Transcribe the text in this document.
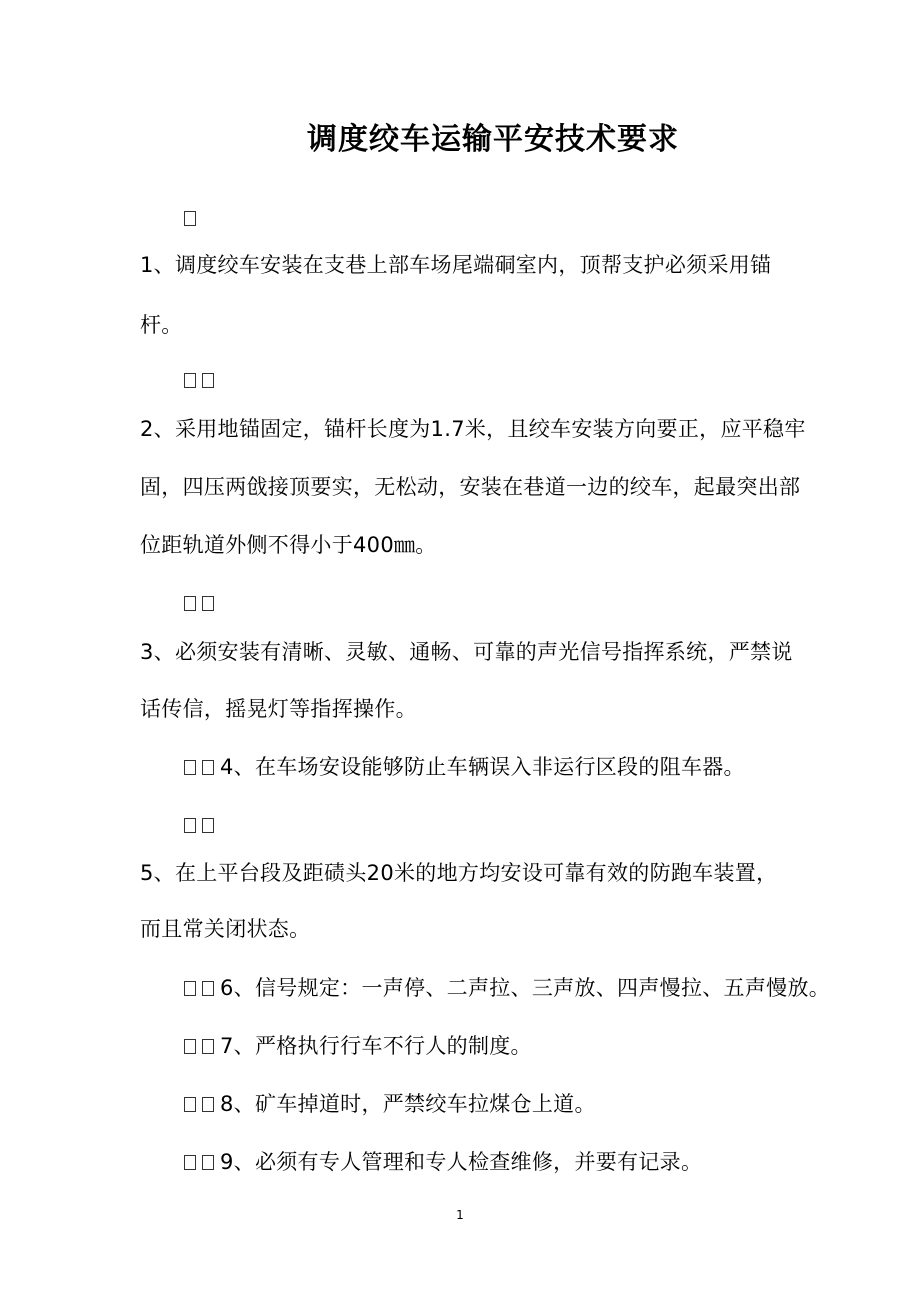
调度绞车运输平安技术要求
1、调度绞车安装在支巷上部车场尾端硐室内，顶帮支护必须采用锚
杆。
2、采用地锚固定，锚杆长度为1.7米，且绞车安装方向要正，应平稳牢
固，四压两戗接顶要实，无松动，安装在巷道一边的绞车，起最突出部
位距轨道外侧不得小于400㎜。
3、必须安装有清晰、灵敏、通畅、可靠的声光信号指挥系统，严禁说
话传信，摇晃灯等指挥操作。
4、在车场安设能够防止车辆误入非运行区段的阻车器。
5、在上平台段及距碛头20米的地方均安设可靠有效的防跑车装置，
而且常关闭状态。
6、信号规定：一声停、二声拉、三声放、四声慢拉、五声慢放。
7、严格执行行车不行人的制度。
8、矿车掉道时，严禁绞车拉煤仓上道。
9、必须有专人管理和专人检查维修，并要有记录。
1
